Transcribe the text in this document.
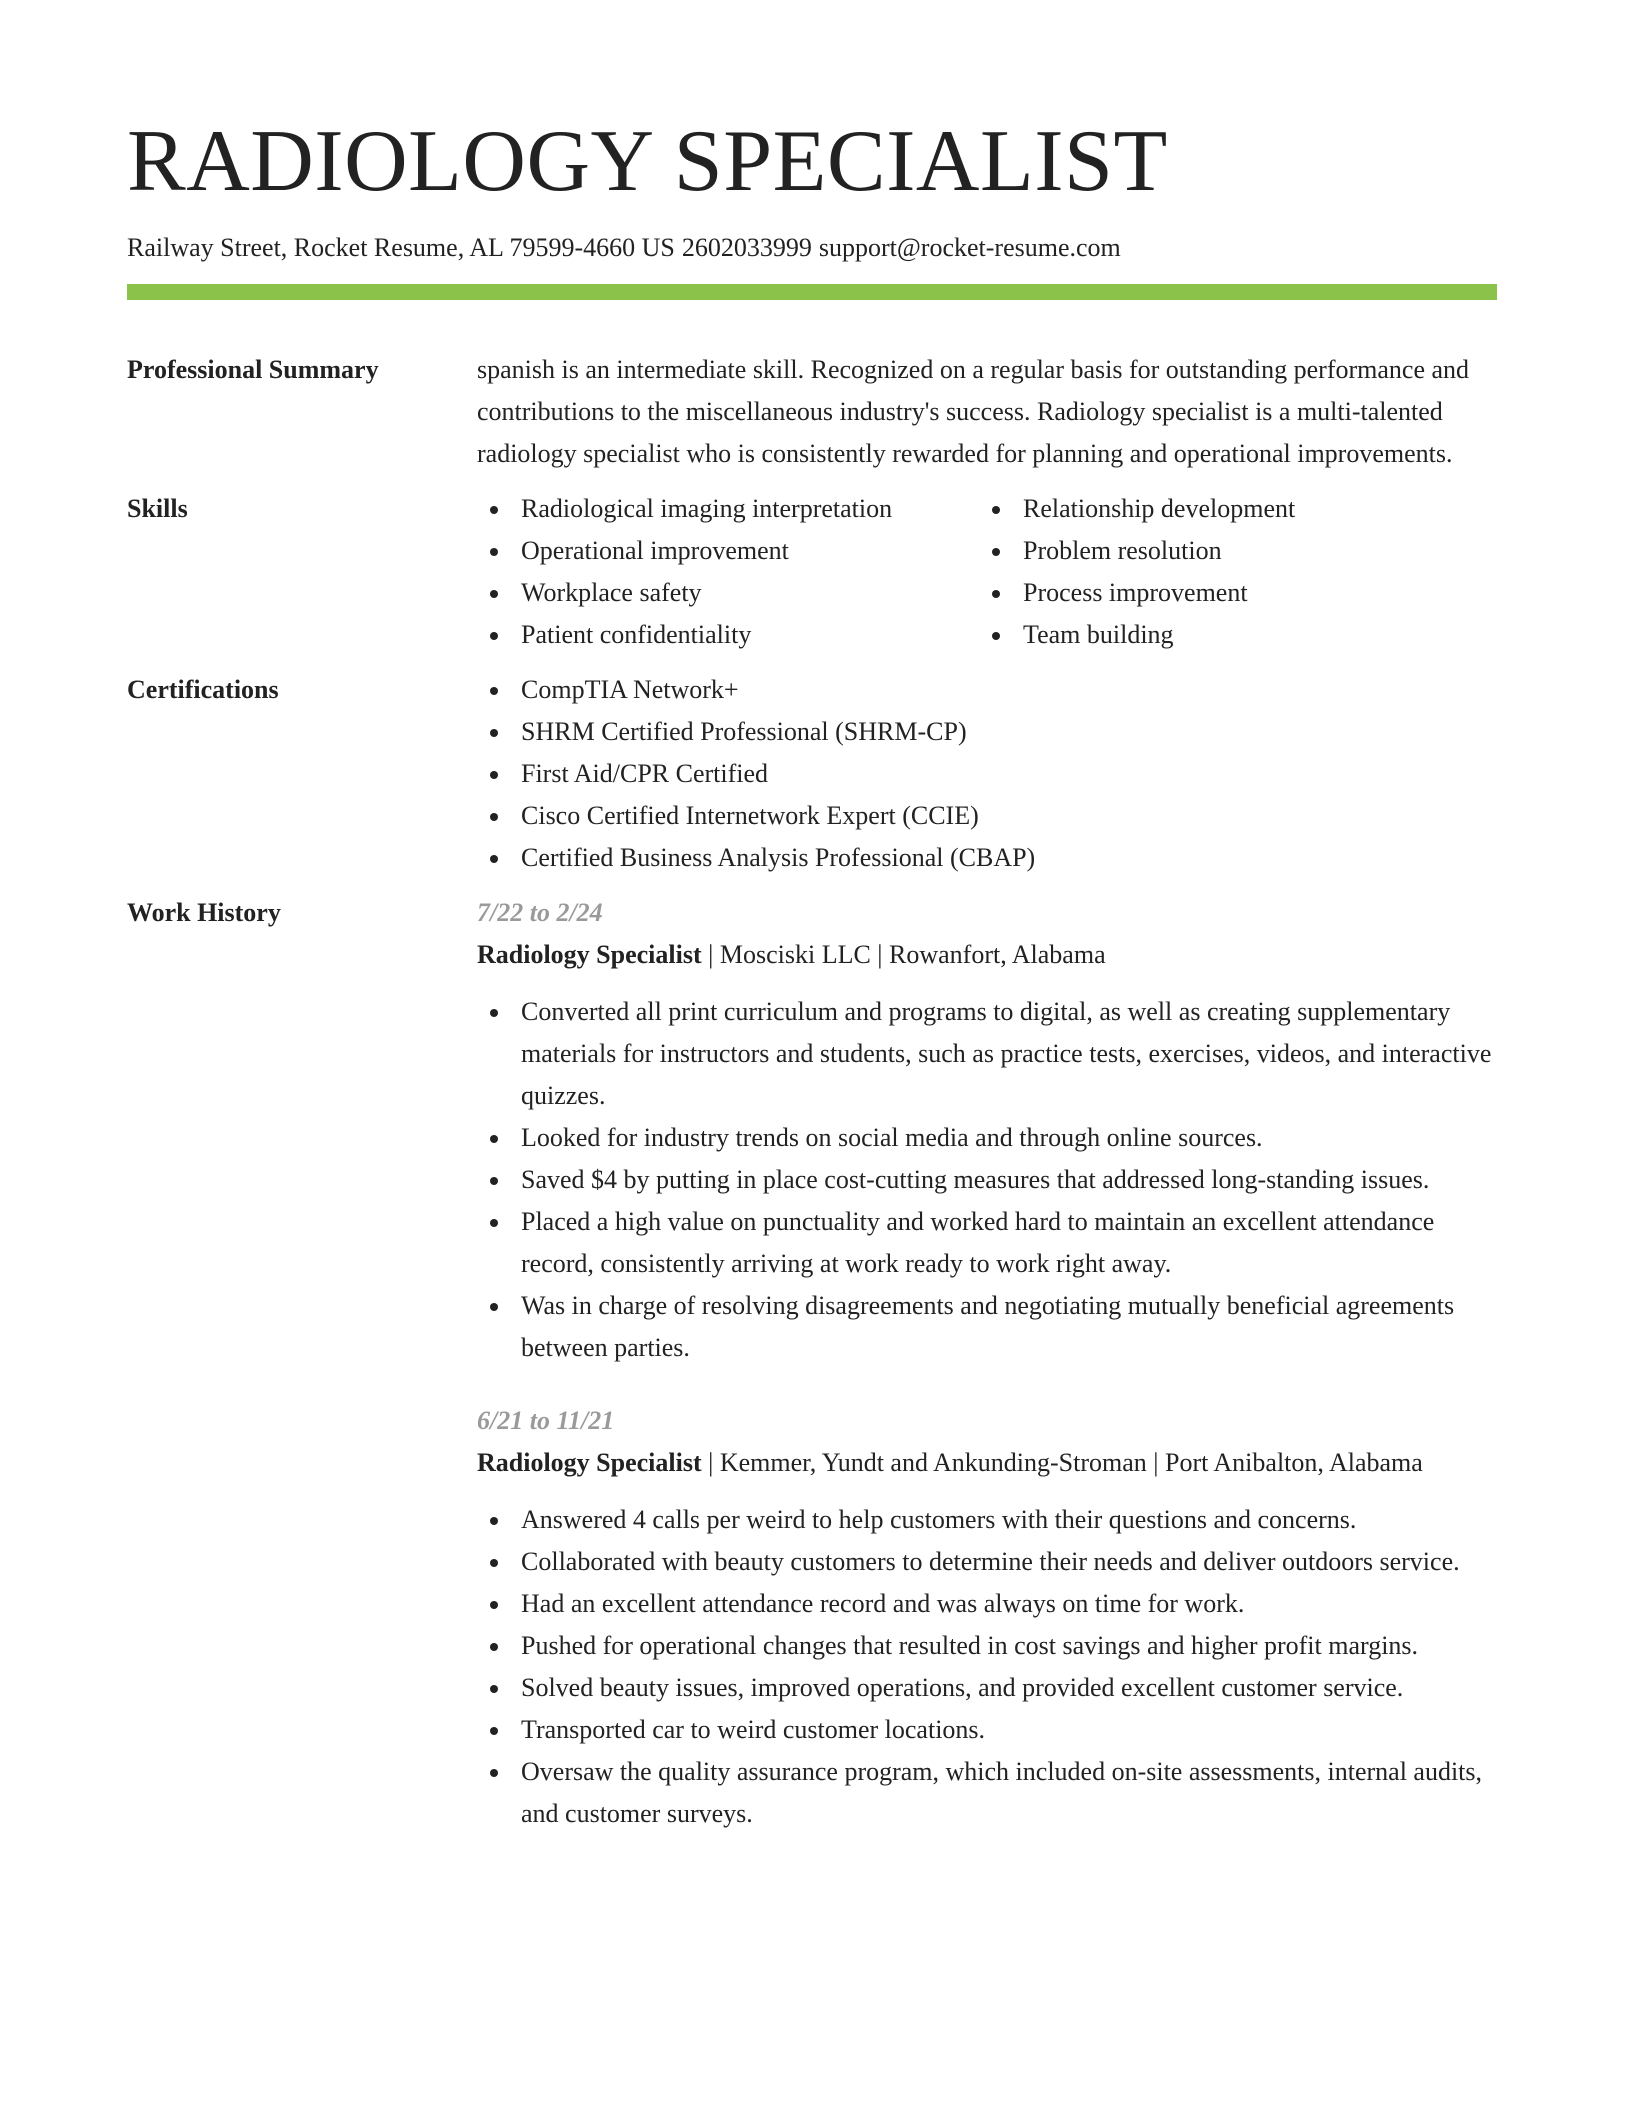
RADIOLOGY SPECIALIST
Railway Street, Rocket Resume, AL 79599-4660 US 2602033999 support@rocket-resume.com
Professional Summary	spanish is an intermediate skill. Recognized on a regular basis for outstanding performance and contributions to the miscellaneous industry's success. Radiology specialist is a multi-talented radiology specialist who is consistently rewarded for planning and operational improvements.

Skills	Radiological imaging interpretation
Operational improvement
Workplace safety
Patient confidentiality
Relationship development
Problem resolution
Process improvement
Team building
Certifications	CompTIA Network+
SHRM Certified Professional (SHRM-CP)
First Aid/CPR Certified
Cisco Certified Internetwork Expert (CCIE)
Certified Business Analysis Professional (CBAP)
Work History	7/22 to 2/24
Radiology Specialist | Mosciski LLC | Rowanfort, Alabama
Converted all print curriculum and programs to digital, as well as creating supplementary materials for instructors and students, such as practice tests, exercises, videos, and interactive quizzes.
Looked for industry trends on social media and through online sources.
Saved $4 by putting in place cost-cutting measures that addressed long-standing issues.
Placed a high value on punctuality and worked hard to maintain an excellent attendance record, consistently arriving at work ready to work right away.
Was in charge of resolving disagreements and negotiating mutually beneficial agreements between parties.
6/21 to 11/21
Radiology Specialist | Kemmer, Yundt and Ankunding-Stroman | Port Anibalton, Alabama
Answered 4 calls per weird to help customers with their questions and concerns.
Collaborated with beauty customers to determine their needs and deliver outdoors service.
Had an excellent attendance record and was always on time for work.
Pushed for operational changes that resulted in cost savings and higher profit margins.
Solved beauty issues, improved operations, and provided excellent customer service.
Transported car to weird customer locations.
Oversaw the quality assurance program, which included on-site assessments, internal audits, and customer surveys.
